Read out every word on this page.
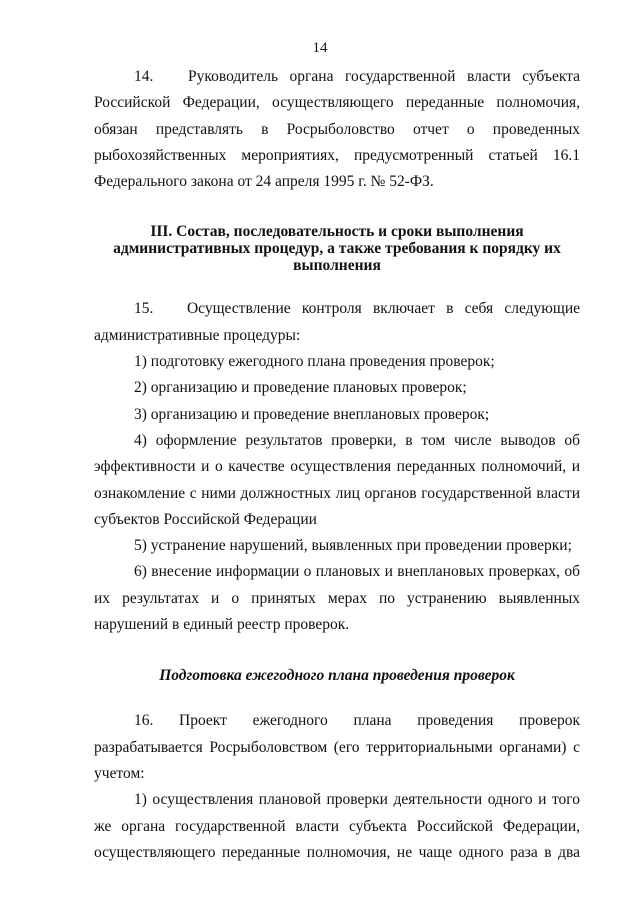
14

14.   Руководитель органа государственной власти субъекта Российской Федерации, осуществляющего переданные полномочия, обязан представлять в Росрыболовство отчет о проведенных рыбохозяйственных мероприятиях, предусмотренный статьей 16.1 Федерального закона от 24 апреля 1995 г. № 52-ФЗ.

III. Состав, последовательность и сроки выполнения административных процедур, а также требования к порядку их выполнения

15.   Осуществление контроля включает в себя следующие административные процедуры:

1) подготовку ежегодного плана проведения проверок;

2) организацию и проведение плановых проверок;

3) организацию и проведение внеплановых проверок;

4) оформление результатов проверки, в том числе выводов об эффективности и о качестве осуществления переданных полномочий, и ознакомление с ними должностных лиц органов государственной власти субъектов Российской Федерации

5) устранение нарушений, выявленных при проведении проверки;

6) внесение информации о плановых и внеплановых проверках, об их результатах и о принятых мерах по устранению выявленных нарушений в единый реестр проверок.

Подготовка ежегодного плана проведения проверок

16. Проект ежегодного плана проведения проверок разрабатывается Росрыболовством (его территориальными органами) с учетом:

1) осуществления плановой проверки деятельности одного и того же органа государственной власти субъекта Российской Федерации, осуществляющего переданные полномочия, не чаще одного раза в два
